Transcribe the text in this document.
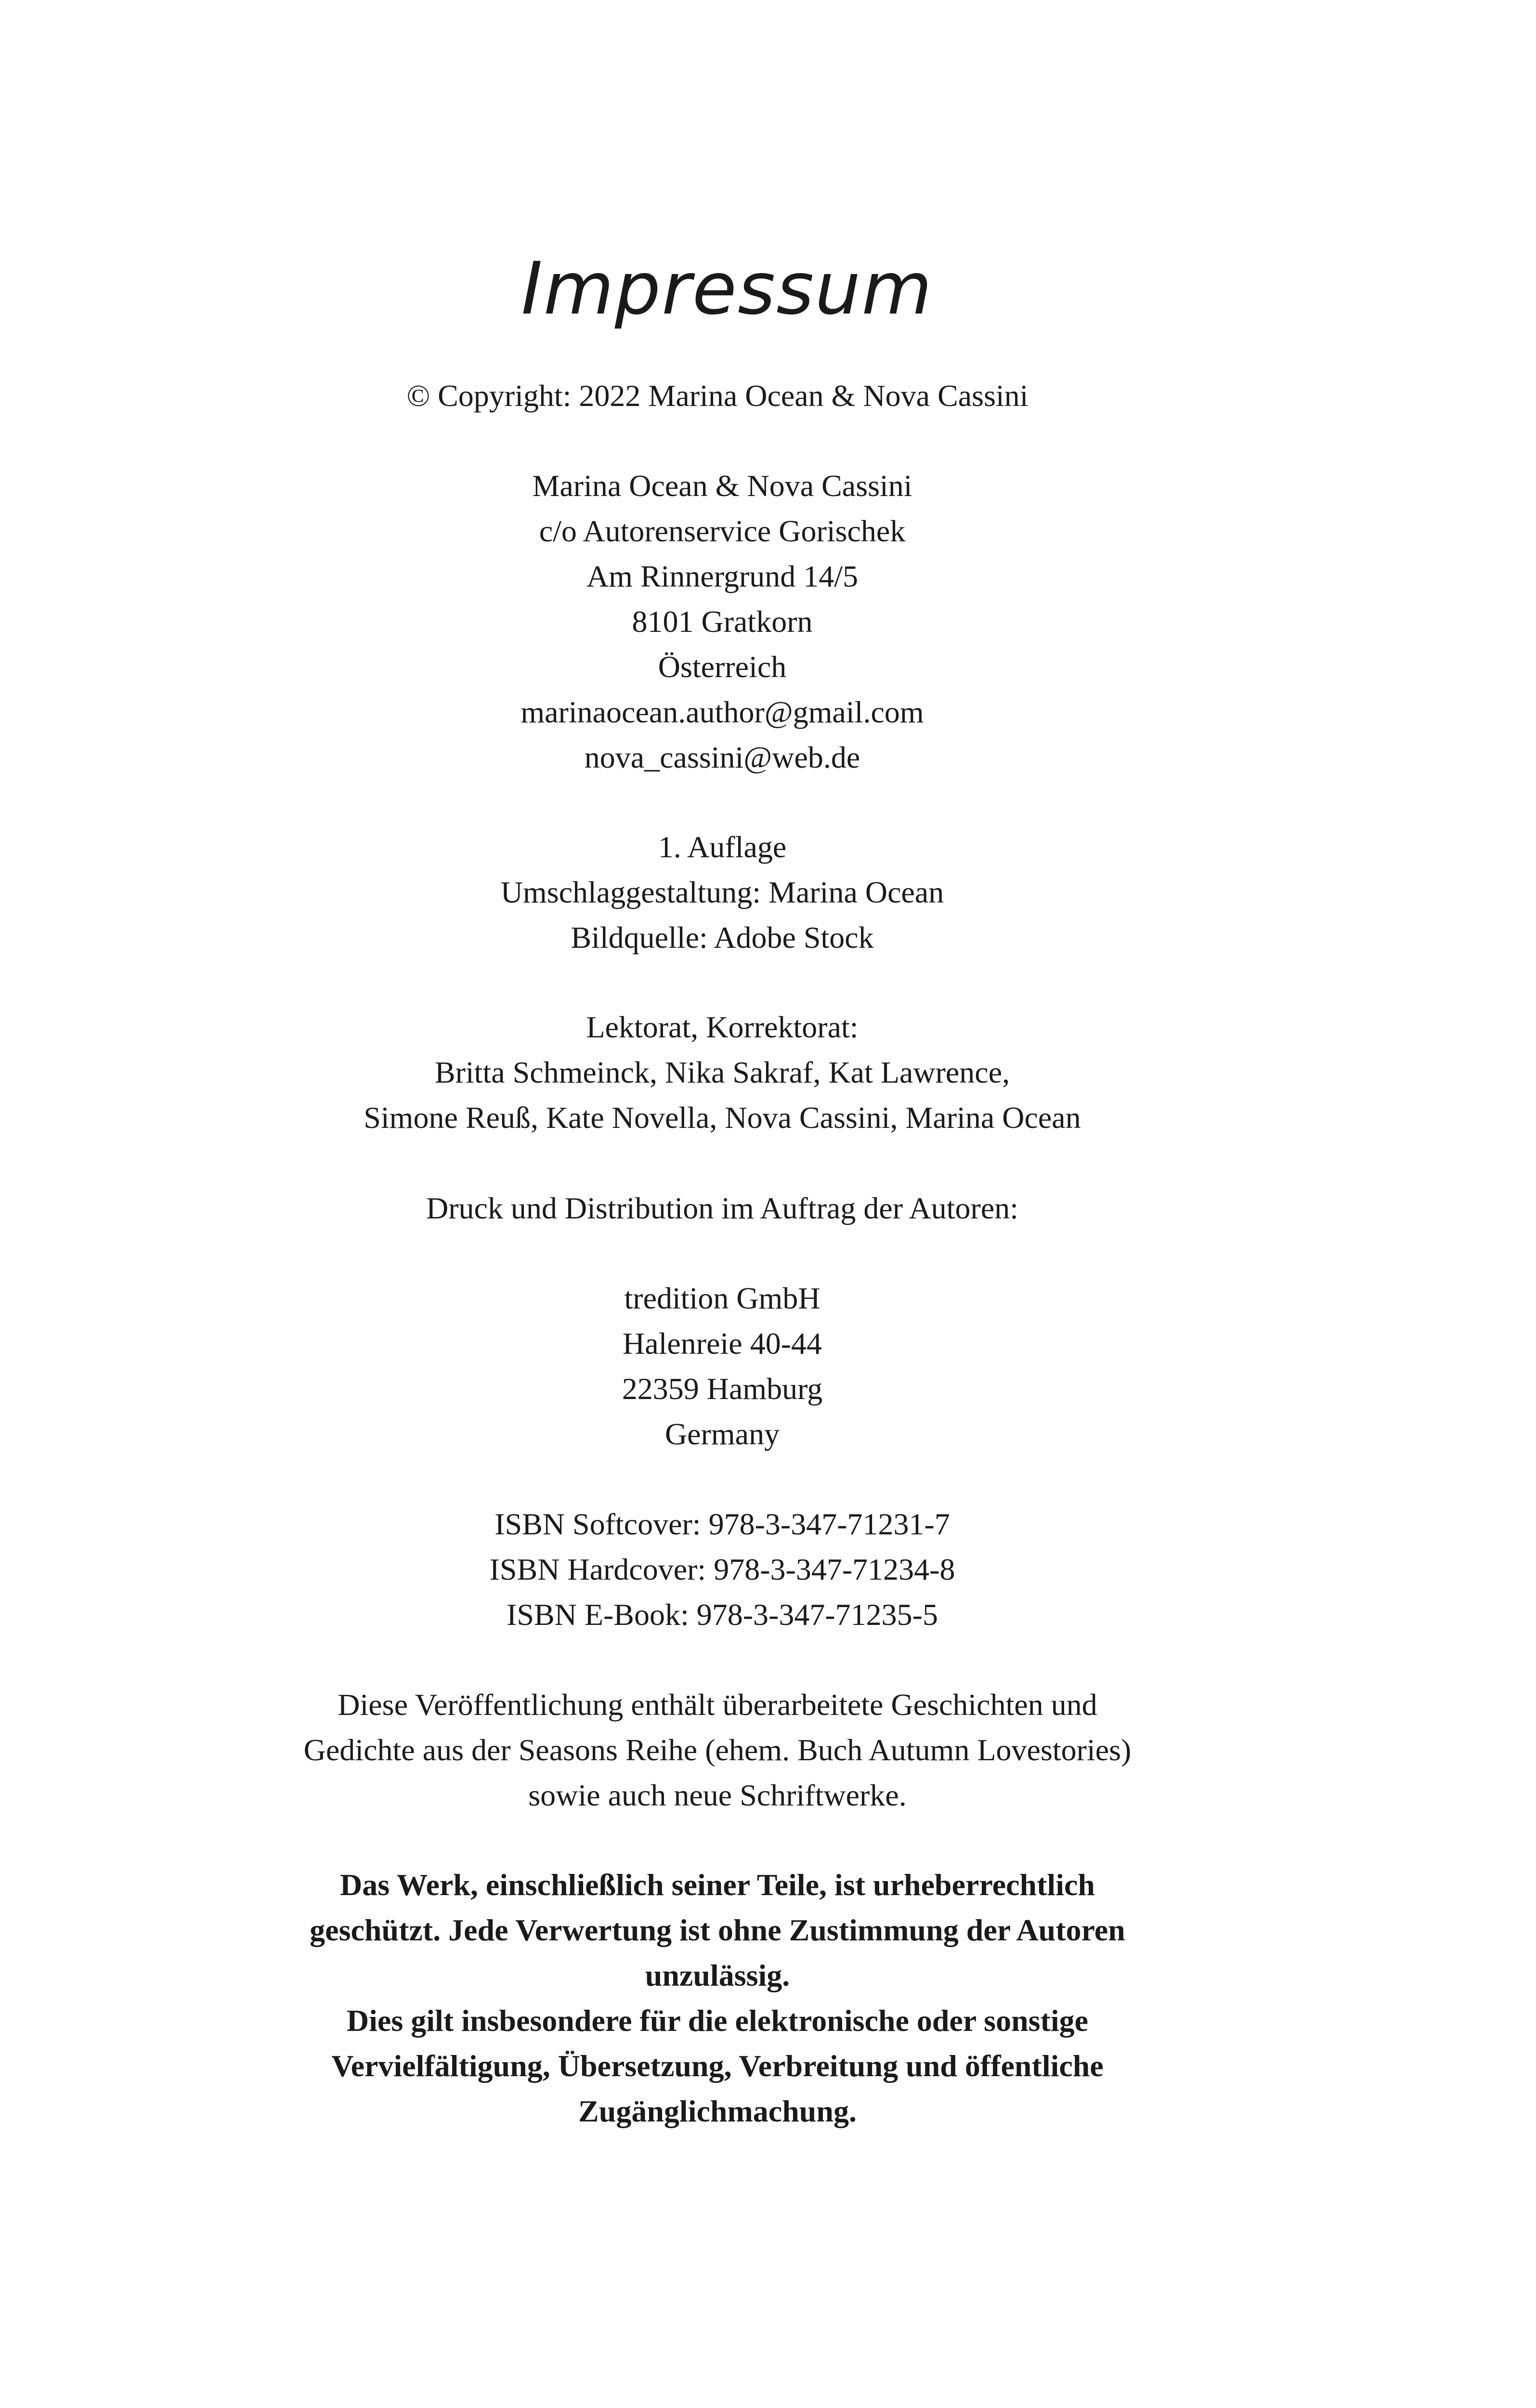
Impressum
© Copyright: 2022 Marina Ocean & Nova Cassini
Marina Ocean & Nova Cassini
c/o Autorenservice Gorischek
Am Rinnergrund 14/5
8101 Gratkorn
Österreich
marinaocean.author@gmail.com
nova_cassini@web.de
1. Auflage
Umschlaggestaltung: Marina Ocean
Bildquelle: Adobe Stock
Lektorat, Korrektorat:
Britta Schmeinck, Nika Sakraf, Kat Lawrence,
Simone Reuß, Kate Novella, Nova Cassini, Marina Ocean
Druck und Distribution im Auftrag der Autoren:
tredition GmbH
Halenreie 40-44
22359 Hamburg
Germany
ISBN Softcover: 978-3-347-71231-7
ISBN Hardcover: 978-3-347-71234-8
ISBN E-Book: 978-3-347-71235-5
Diese Veröffentlichung enthält überarbeitete Geschichten und
Gedichte aus der Seasons Reihe (ehem. Buch Autumn Lovestories)
sowie auch neue Schriftwerke.
Das Werk, einschließlich seiner Teile, ist urheberrechtlich
geschützt. Jede Verwertung ist ohne Zustimmung der Autoren
unzulässig.
Dies gilt insbesondere für die elektronische oder sonstige
Vervielfältigung, Übersetzung, Verbreitung und öffentliche
Zugänglichmachung.
